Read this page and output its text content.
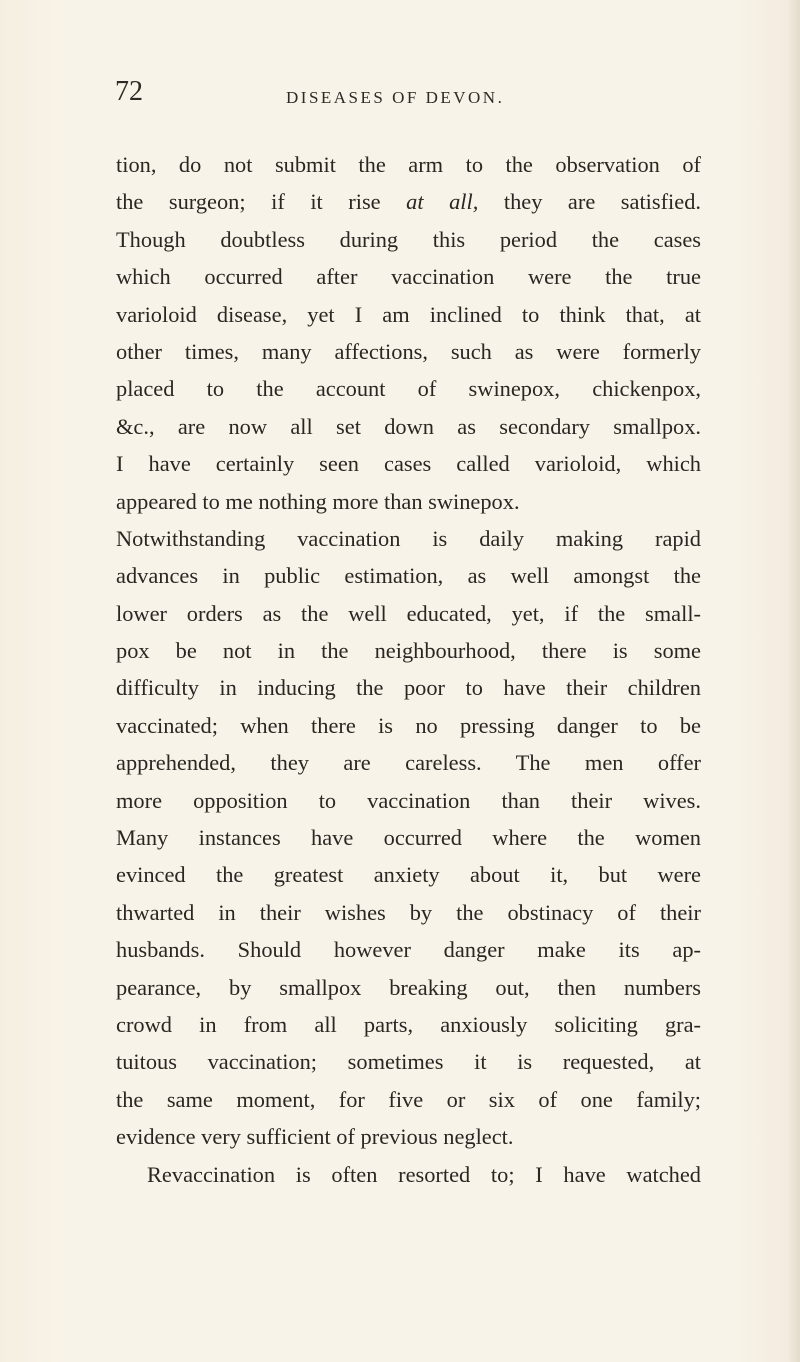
72	DISEASES OF DEVON.
tion, do not submit the arm to the observation of
the surgeon; if it rise at all, they are satisfied.
Though doubtless during this period the cases
which occurred after vaccination were the true
varioloid disease, yet I am inclined to think that, at
other times, many affections, such as were formerly
placed to the account of swinepox, chickenpox,
&c., are now all set down as secondary smallpox.
I have certainly seen cases called varioloid, which
appeared to me nothing more than swinepox.
Notwithstanding vaccination is daily making rapid
advances in public estimation, as well amongst the
lower orders as the well educated, yet, if the small-
pox be not in the neighbourhood, there is some
difficulty in inducing the poor to have their children
vaccinated; when there is no pressing danger to be
apprehended, they are careless. The men offer
more opposition to vaccination than their wives.
Many instances have occurred where the women
evinced the greatest anxiety about it, but were
thwarted in their wishes by the obstinacy of their
husbands. Should however danger make its ap-
pearance, by smallpox breaking out, then numbers
crowd in from all parts, anxiously soliciting gra-
tuitous vaccination; sometimes it is requested, at
the same moment, for five or six of one family;
evidence very sufficient of previous neglect.
Revaccination is often resorted to; I have watched
